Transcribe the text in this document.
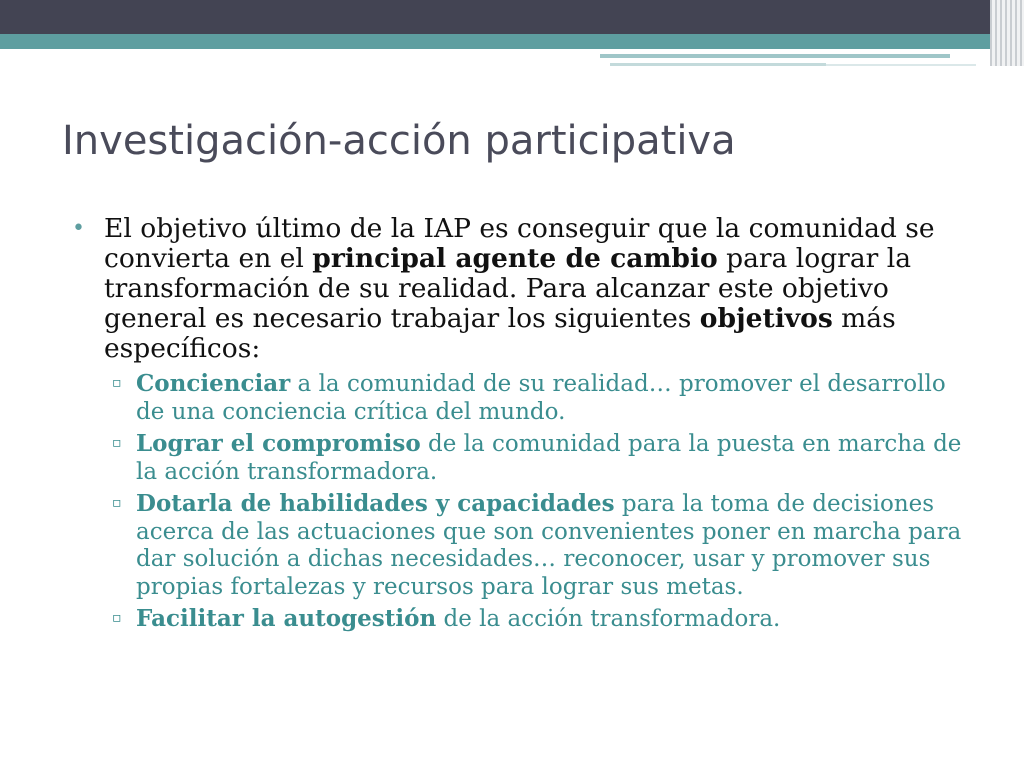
Investigación-acción participativa
• El objetivo último de la IAP es conseguir que la comunidad se convierta en el principal agente de cambio para lograr la transformación de su realidad. Para alcanzar este objetivo general es necesario trabajar los siguientes objetivos más específicos:
▫ Concienciar a la comunidad de su realidad… promover el desarrollo de una conciencia crítica del mundo.
▫ Lograr el compromiso de la comunidad para la puesta en marcha de la acción transformadora.
▫ Dotarla de habilidades y capacidades para la toma de decisiones acerca de las actuaciones que son convenientes poner en marcha para dar solución a dichas necesidades… reconocer, usar y promover sus propias fortalezas y recursos para lograr sus metas.
▫ Facilitar la autogestión de la acción transformadora.
